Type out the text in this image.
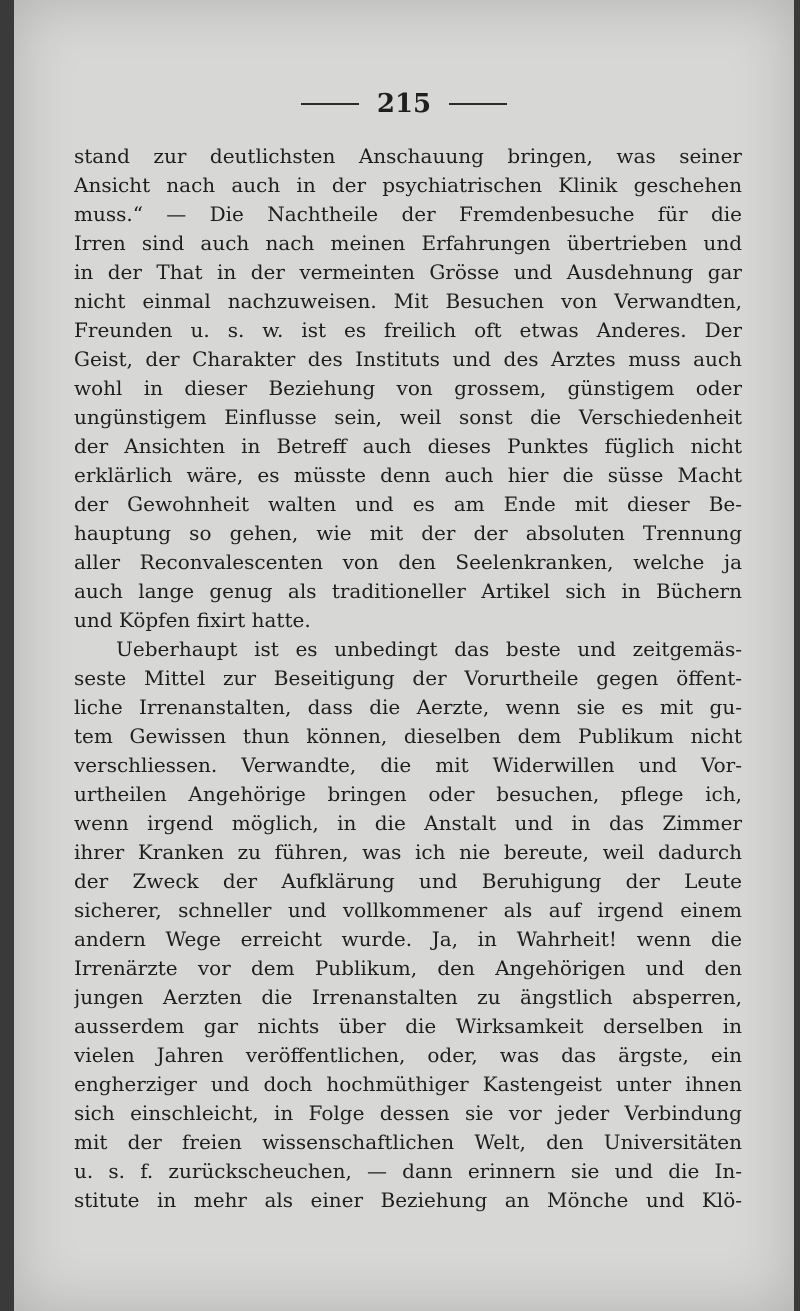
215
stand zur deutlichsten Anschauung bringen, was seiner
Ansicht nach auch in der psychiatrischen Klinik geschehen
muss.“ — Die Nachtheile der Fremdenbesuche für die
Irren sind auch nach meinen Erfahrungen übertrieben und
in der That in der vermeinten Grösse und Ausdehnung gar
nicht einmal nachzuweisen. Mit Besuchen von Verwandten,
Freunden u. s. w. ist es freilich oft etwas Anderes. Der
Geist, der Charakter des Instituts und des Arztes muss auch
wohl in dieser Beziehung von grossem, günstigem oder
ungünstigem Einflusse sein, weil sonst die Verschiedenheit
der Ansichten in Betreff auch dieses Punktes füglich nicht
erklärlich wäre, es müsste denn auch hier die süsse Macht
der Gewohnheit walten und es am Ende mit dieser Be-
hauptung so gehen, wie mit der der absoluten Trennung
aller Reconvalescenten von den Seelenkranken, welche ja
auch lange genug als traditioneller Artikel sich in Büchern
und Köpfen fixirt hatte.
Ueberhaupt ist es unbedingt das beste und zeitgemäs-
seste Mittel zur Beseitigung der Vorurtheile gegen öffent-
liche Irrenanstalten, dass die Aerzte, wenn sie es mit gu-
tem Gewissen thun können, dieselben dem Publikum nicht
verschliessen. Verwandte, die mit Widerwillen und Vor-
urtheilen Angehörige bringen oder besuchen, pflege ich,
wenn irgend möglich, in die Anstalt und in das Zimmer
ihrer Kranken zu führen, was ich nie bereute, weil dadurch
der Zweck der Aufklärung und Beruhigung der Leute
sicherer, schneller und vollkommener als auf irgend einem
andern Wege erreicht wurde. Ja, in Wahrheit! wenn die
Irrenärzte vor dem Publikum, den Angehörigen und den
jungen Aerzten die Irrenanstalten zu ängstlich absperren,
ausserdem gar nichts über die Wirksamkeit derselben in
vielen Jahren veröffentlichen, oder, was das ärgste, ein
engherziger und doch hochmüthiger Kastengeist unter ihnen
sich einschleicht, in Folge dessen sie vor jeder Verbindung
mit der freien wissenschaftlichen Welt, den Universitäten
u. s. f. zurückscheuchen, — dann erinnern sie und die In-
stitute in mehr als einer Beziehung an Mönche und Klö-
